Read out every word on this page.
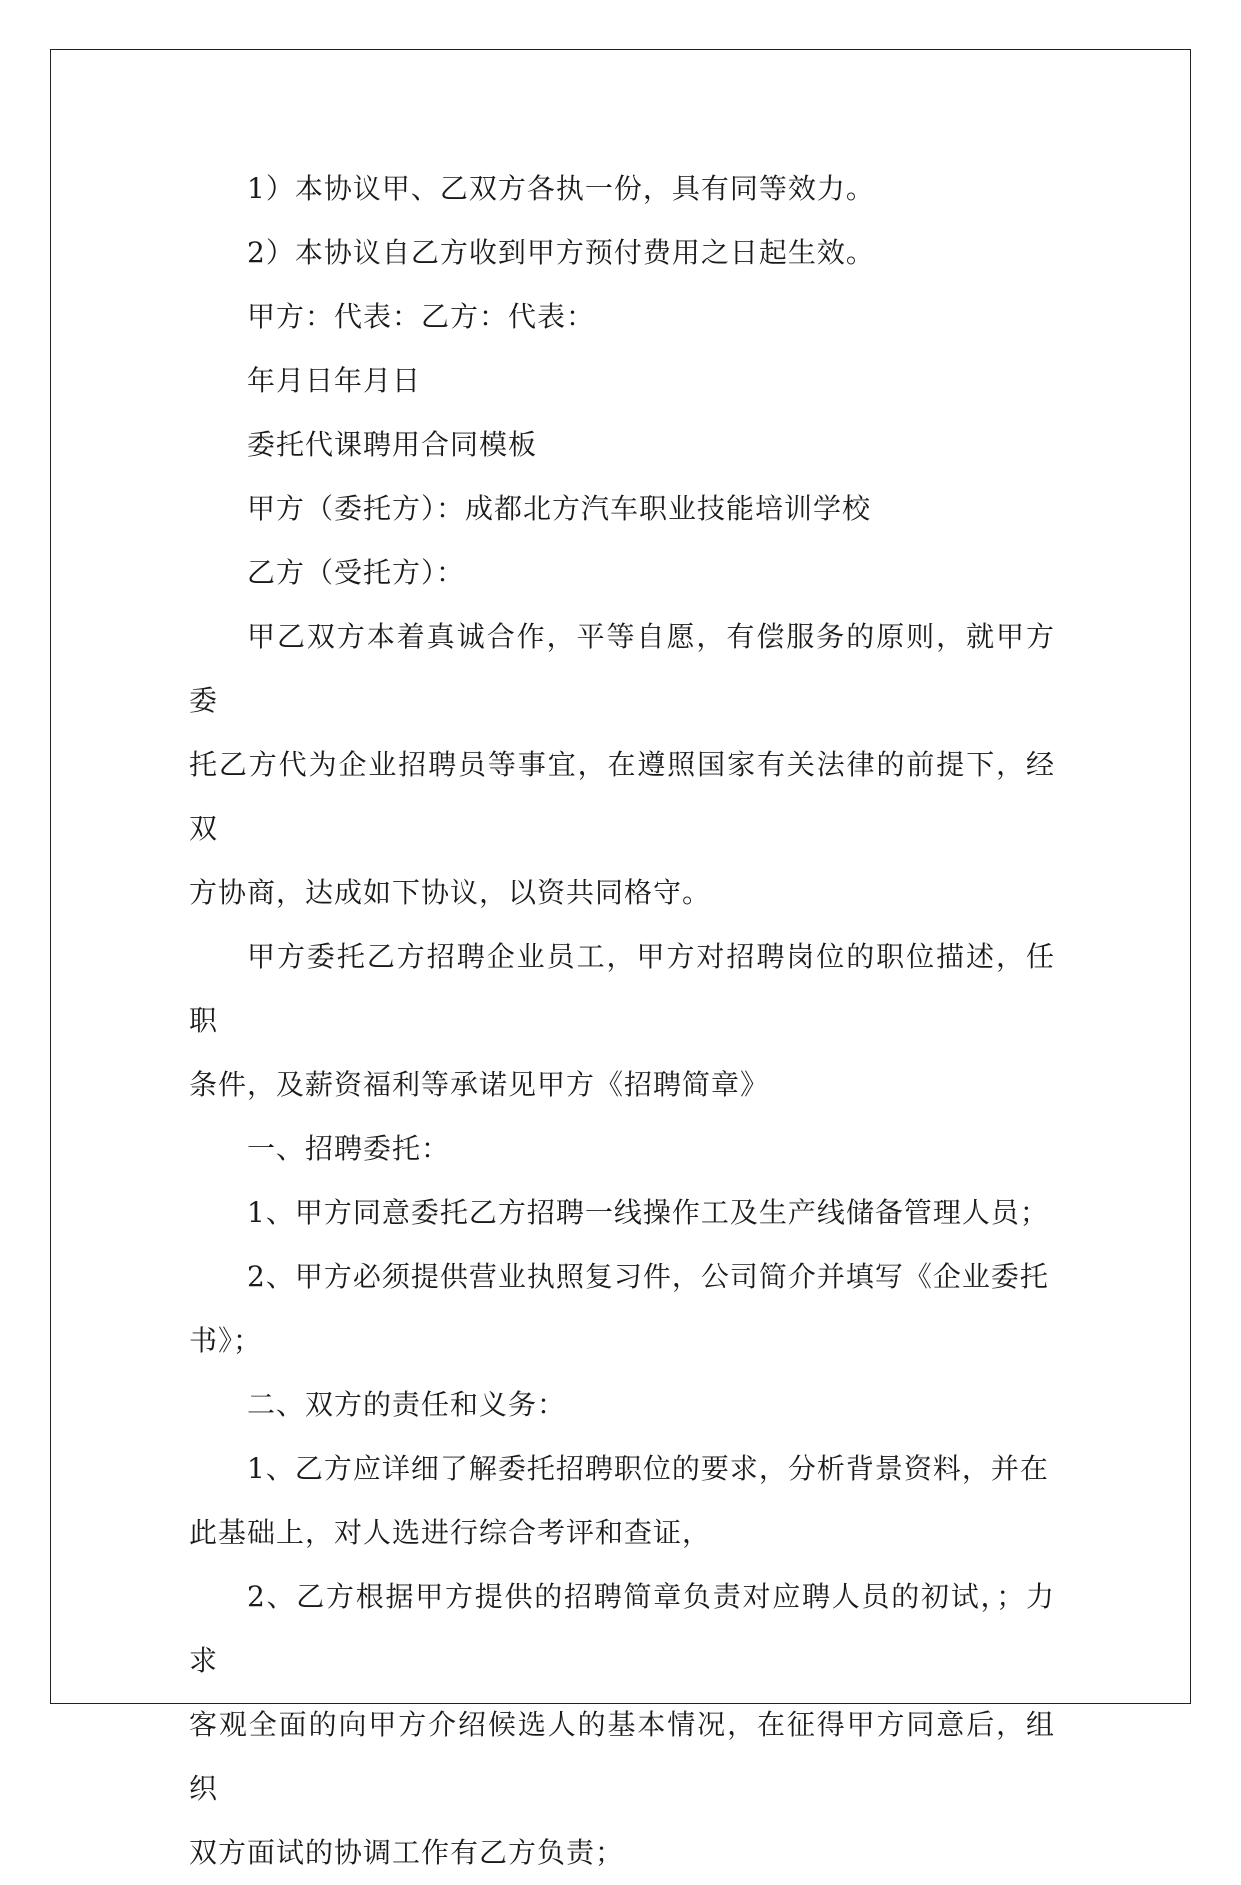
1）本协议甲、乙双方各执一份，具有同等效力。

2）本协议自乙方收到甲方预付费用之日起生效。

甲方：代表：乙方：代表：

年月日年月日

委托代课聘用合同模板

甲方（委托方）：成都北方汽车职业技能培训学校

乙方（受托方）：

甲乙双方本着真诚合作，平等自愿，有偿服务的原则，就甲方委
托乙方代为企业招聘员等事宜，在遵照国家有关法律的前提下，经双
方协商，达成如下协议，以资共同格守。

甲方委托乙方招聘企业员工，甲方对招聘岗位的职位描述，任职
条件，及薪资福利等承诺见甲方《招聘简章》

一、招聘委托：

1、甲方同意委托乙方招聘一线操作工及生产线储备管理人员；

2、甲方必须提供营业执照复习件，公司简介并填写《企业委托
书》；

二、双方的责任和义务：

1、乙方应详细了解委托招聘职位的要求，分析背景资料，并在
此基础上，对人选进行综合考评和查证，

2、乙方根据甲方提供的招聘简章负责对应聘人员的初试，；力求
客观全面的向甲方介绍候选人的基本情况，在征得甲方同意后，组织
双方面试的协调工作有乙方负责；
